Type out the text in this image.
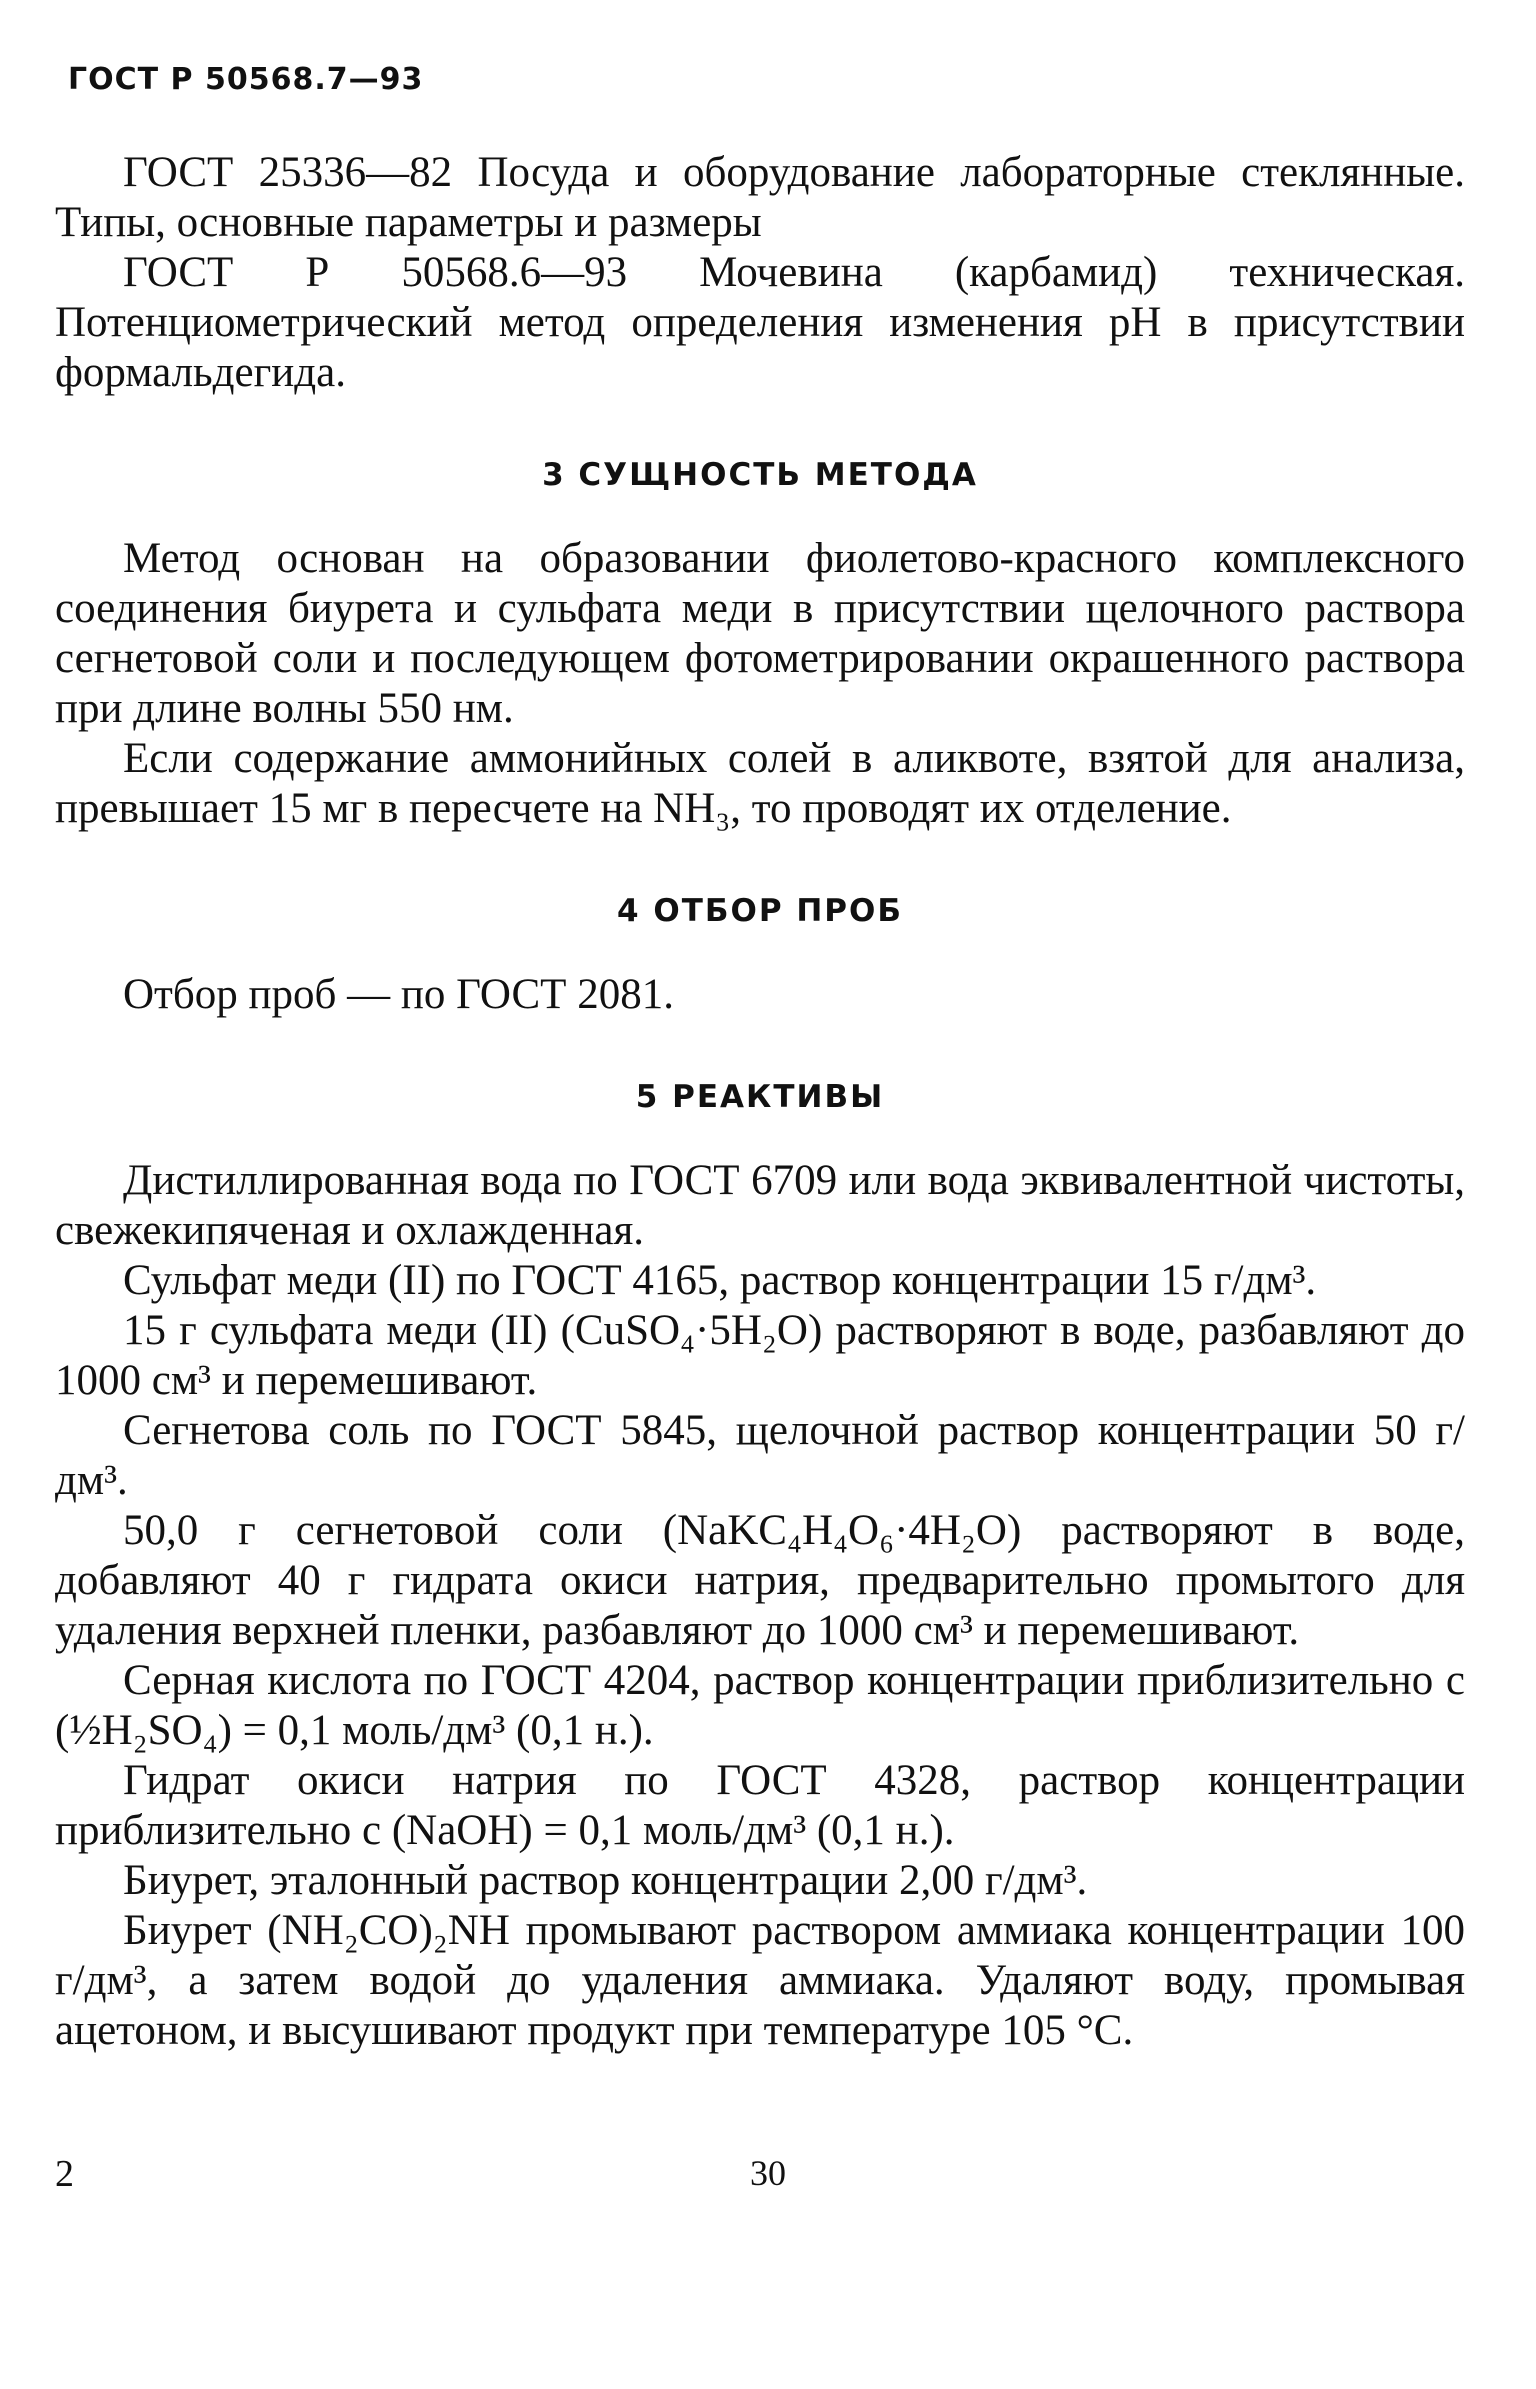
ГОСТ Р 50568.7—93

ГОСТ 25336—82 Посуда и оборудование лабораторные стеклянные. Типы, основные параметры и размеры

ГОСТ Р 50568.6—93 Мочевина (карбамид) техническая. Потенциометрический метод определения изменения pH в присутствии формальдегида.

3 СУЩНОСТЬ МЕТОДА

Метод основан на образовании фиолетово-красного комплексного соединения биурета и сульфата меди в присутствии щелочного раствора сегнетовой соли и последующем фотометрировании окрашенного раствора при длине волны 550 нм.

Если содержание аммонийных солей в аликвоте, взятой для анализа, превышает 15 мг в пересчете на NH₃, то проводят их отделение.

4 ОТБОР ПРОБ

Отбор проб — по ГОСТ 2081.

5 РЕАКТИВЫ

Дистиллированная вода по ГОСТ 6709 или вода эквивалентной чистоты, свежекипяченая и охлажденная.

Сульфат меди (II) по ГОСТ 4165, раствор концентрации 15 г/дм³.

15 г сульфата меди (II) (CuSO₄·5H₂O) растворяют в воде, разбавляют до 1000 см³ и перемешивают.

Сегнетова соль по ГОСТ 5845, щелочной раствор концентрации 50 г/дм³.

50,0 г сегнетовой соли (NaKC₄H₄O₆·4H₂O) растворяют в воде, добавляют 40 г гидрата окиси натрия, предварительно промытого для удаления верхней пленки, разбавляют до 1000 см³ и перемешивают.

Серная кислота по ГОСТ 4204, раствор концентрации приблизительно c (½H₂SO₄) = 0,1 моль/дм³ (0,1 н.).

Гидрат окиси натрия по ГОСТ 4328, раствор концентрации приблизительно c (NaOH) = 0,1 моль/дм³ (0,1 н.).

Биурет, эталонный раствор концентрации 2,00 г/дм³.

Биурет (NH₂CO)₂NH промывают раствором аммиака концентрации 100 г/дм³, а затем водой до удаления аммиака. Удаляют воду, промывая ацетоном, и высушивают продукт при температуре 105 °C.

2	30
